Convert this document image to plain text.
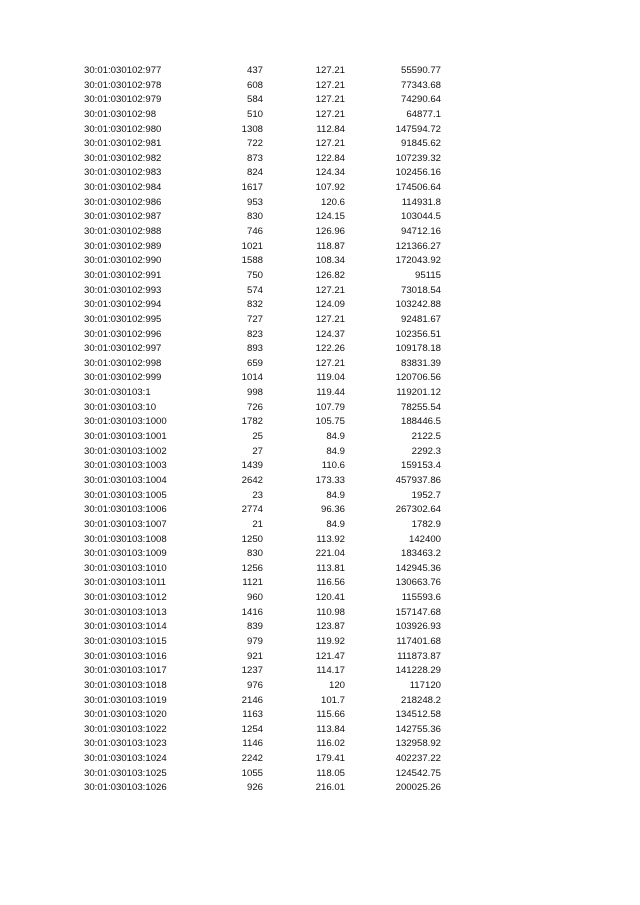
30:01:030102:977	437	127.21	55590.77
30:01:030102:978	608	127.21	77343.68
30:01:030102:979	584	127.21	74290.64
30:01:030102:98	510	127.21	64877.1
30:01:030102:980	1308	112.84	147594.72
30:01:030102:981	722	127.21	91845.62
30:01:030102:982	873	122.84	107239.32
30:01:030102:983	824	124.34	102456.16
30:01:030102:984	1617	107.92	174506.64
30:01:030102:986	953	120.6	114931.8
30:01:030102:987	830	124.15	103044.5
30:01:030102:988	746	126.96	94712.16
30:01:030102:989	1021	118.87	121366.27
30:01:030102:990	1588	108.34	172043.92
30:01:030102:991	750	126.82	95115
30:01:030102:993	574	127.21	73018.54
30:01:030102:994	832	124.09	103242.88
30:01:030102:995	727	127.21	92481.67
30:01:030102:996	823	124.37	102356.51
30:01:030102:997	893	122.26	109178.18
30:01:030102:998	659	127.21	83831.39
30:01:030102:999	1014	119.04	120706.56
30:01:030103:1	998	119.44	119201.12
30:01:030103:10	726	107.79	78255.54
30:01:030103:1000	1782	105.75	188446.5
30:01:030103:1001	25	84.9	2122.5
30:01:030103:1002	27	84.9	2292.3
30:01:030103:1003	1439	110.6	159153.4
30:01:030103:1004	2642	173.33	457937.86
30:01:030103:1005	23	84.9	1952.7
30:01:030103:1006	2774	96.36	267302.64
30:01:030103:1007	21	84.9	1782.9
30:01:030103:1008	1250	113.92	142400
30:01:030103:1009	830	221.04	183463.2
30:01:030103:1010	1256	113.81	142945.36
30:01:030103:1011	1121	116.56	130663.76
30:01:030103:1012	960	120.41	115593.6
30:01:030103:1013	1416	110.98	157147.68
30:01:030103:1014	839	123.87	103926.93
30:01:030103:1015	979	119.92	117401.68
30:01:030103:1016	921	121.47	111873.87
30:01:030103:1017	1237	114.17	141228.29
30:01:030103:1018	976	120	117120
30:01:030103:1019	2146	101.7	218248.2
30:01:030103:1020	1163	115.66	134512.58
30:01:030103:1022	1254	113.84	142755.36
30:01:030103:1023	1146	116.02	132958.92
30:01:030103:1024	2242	179.41	402237.22
30:01:030103:1025	1055	118.05	124542.75
30:01:030103:1026	926	216.01	200025.26
